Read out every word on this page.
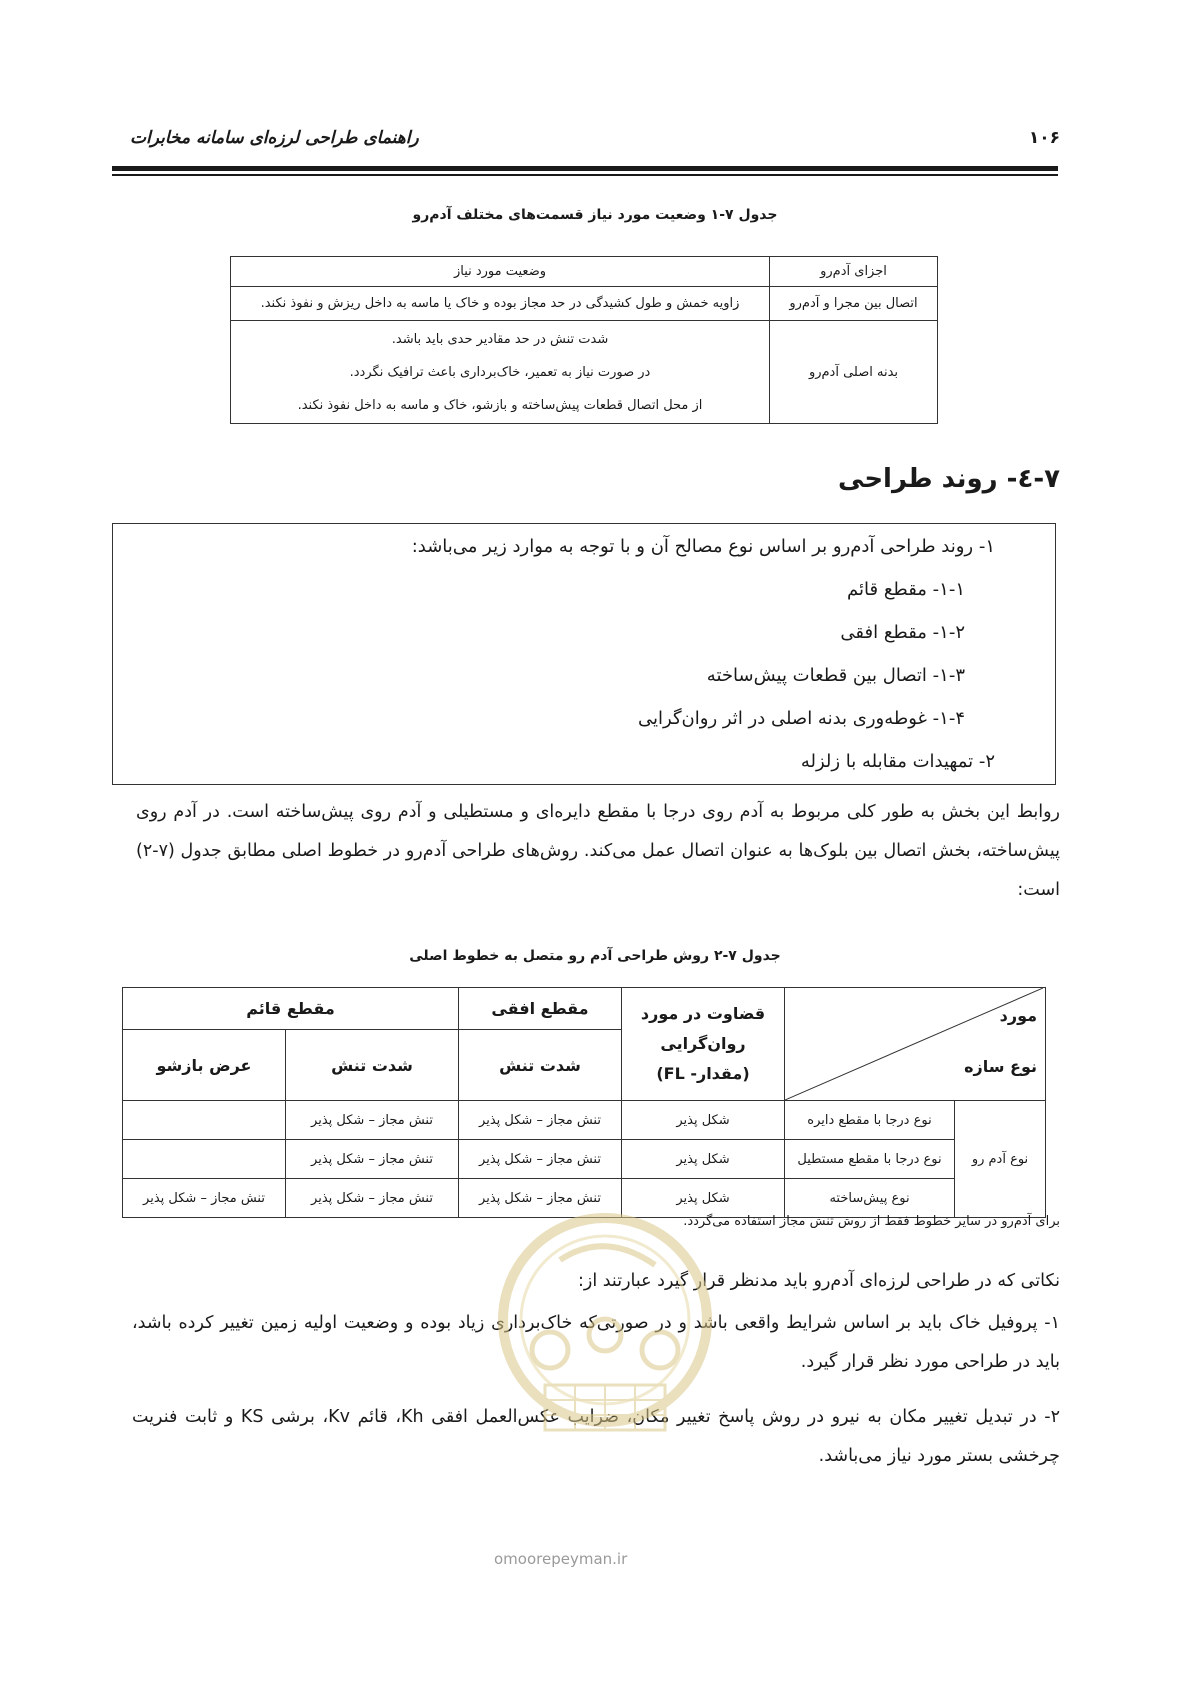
راهنمای طراحی لرزه‌ای سامانه مخابرات	۱۰۶
جدول ۷-۱ وضعیت مورد نیاز قسمت‌های مختلف آدم‌رو
اجزای آدم‌رو	وضعیت مورد نیاز
اتصال بین مجرا و آدم‌رو	زاویه خمش و طول کشیدگی در حد مجاز بوده و خاک یا ماسه به داخل ریزش و نفوذ نکند.
بدنه اصلی آدم‌رو	شدت تنش در حد مقادیر حدی باید باشد.
در صورت نیاز به تعمیر، خاک‌برداری باعث ترافیک نگردد.
از محل اتصال قطعات پیش‌ساخته و بازشو، خاک و ماسه به داخل نفوذ نکند.
۷-٤- روند طراحی
۱- روند طراحی آدم‌رو بر اساس نوع مصالح آن و با توجه به موارد زیر می‌باشد:
۱-۱- مقطع قائم
۱-۲- مقطع افقی
۱-۳- اتصال بین قطعات پیش‌ساخته
۱-۴- غوطه‌وری بدنه اصلی در اثر روان‌گرایی
۲- تمهیدات مقابله با زلزله
روابط این بخش به طور کلی مربوط به آدم روی درجا با مقطع دایره‌ای و مستطیلی و آدم روی پیش‌ساخته است. در آدم روی پیش‌ساخته، بخش اتصال بین بلوک‌ها به عنوان اتصال عمل می‌کند. روش‌های طراحی آدم‌رو در خطوط اصلی مطابق جدول (۷-۲) است:
جدول ۷-۲ روش طراحی آدم رو متصل به خطوط اصلی
مورد
نوع سازه		قضاوت در مورد روان‌گرایی (مقدار- FL)	مقطع افقی	مقطع قائم	
			شدت تنش	شدت تنش	عرض بازشو
نوع آدم رو	نوع درجا با مقطع دایره	شکل پذیر	تنش مجاز – شکل پذیر	تنش مجاز – شکل پذیر	
	نوع درجا با مقطع مستطیل	شکل پذیر	تنش مجاز – شکل پذیر	تنش مجاز – شکل پذیر	
	نوع پیش‌ساخته	شکل پذیر	تنش مجاز – شکل پذیر	تنش مجاز – شکل پذیر	تنش مجاز – شکل پذیر
برای آدم‌رو در سایر خطوط فقط از روش تنش مجاز استفاده می‌گردد.
نکاتی که در طراحی لرزه‌ای آدم‌رو باید مدنظر قرار گیرد عبارتند از:
۱- پروفیل خاک باید بر اساس شرایط واقعی باشد و در صورتی‌که خاک‌برداری زیاد بوده و وضعیت اولیه زمین تغییر کرده باشد، باید در طراحی مورد نظر قرار گیرد.
۲- در تبدیل تغییر مکان به نیرو در روش پاسخ تغییر مکان، ضرایب عکس‌العمل افقی Kh، قائم Kv، برشی KS و ثابت فنریت چرخشی بستر مورد نیاز می‌باشد.
omoorepeyman.ir
